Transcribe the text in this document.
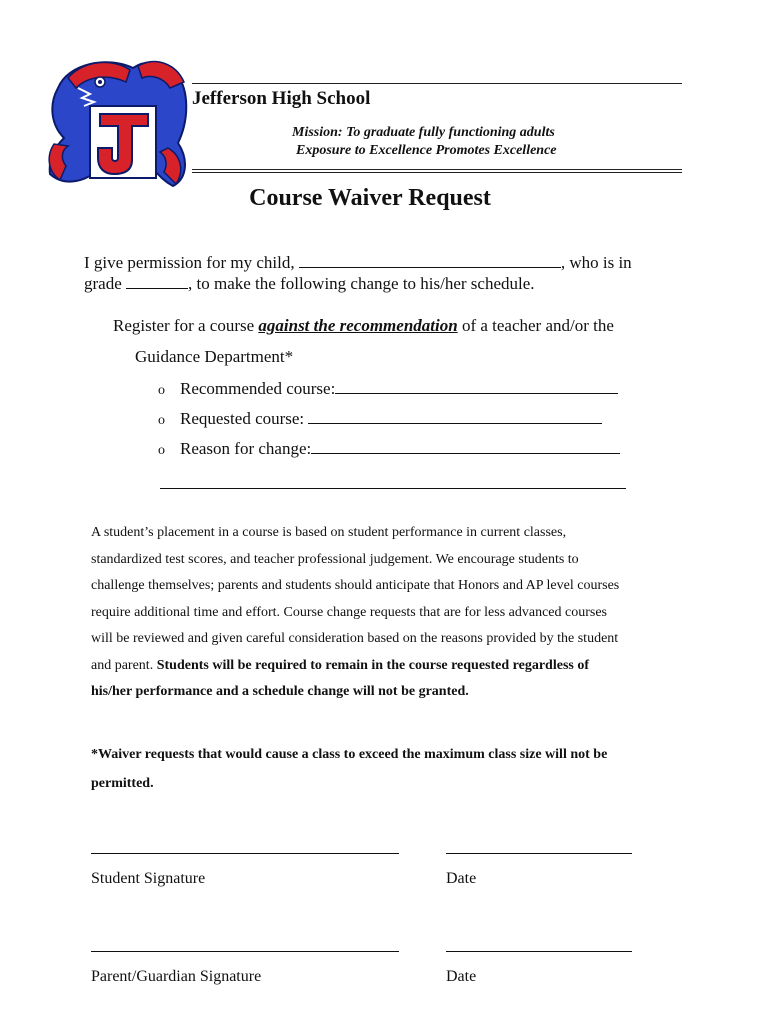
Jefferson High School
Mission: To graduate fully functioning adults
Exposure to Excellence Promotes Excellence
Course Waiver Request
I give permission for my child,	, who is in
grade	, to make the following change to his/her schedule.
Register for a course against the recommendation of a teacher and/or the
Guidance Department*
o Recommended course:
o Requested course:
o Reason for change:
A student’s placement in a course is based on student performance in current classes,
standardized test scores, and teacher professional judgement. We encourage students to
challenge themselves; parents and students should anticipate that Honors and AP level courses
require additional time and effort. Course change requests that are for less advanced courses
will be reviewed and given careful consideration based on the reasons provided by the student
and parent. Students will be required to remain in the course requested regardless of
his/her performance and a schedule change will not be granted.
*Waiver requests that would cause a class to exceed the maximum class size will not be
permitted.
Student Signature	Date
Parent/Guardian Signature	Date
